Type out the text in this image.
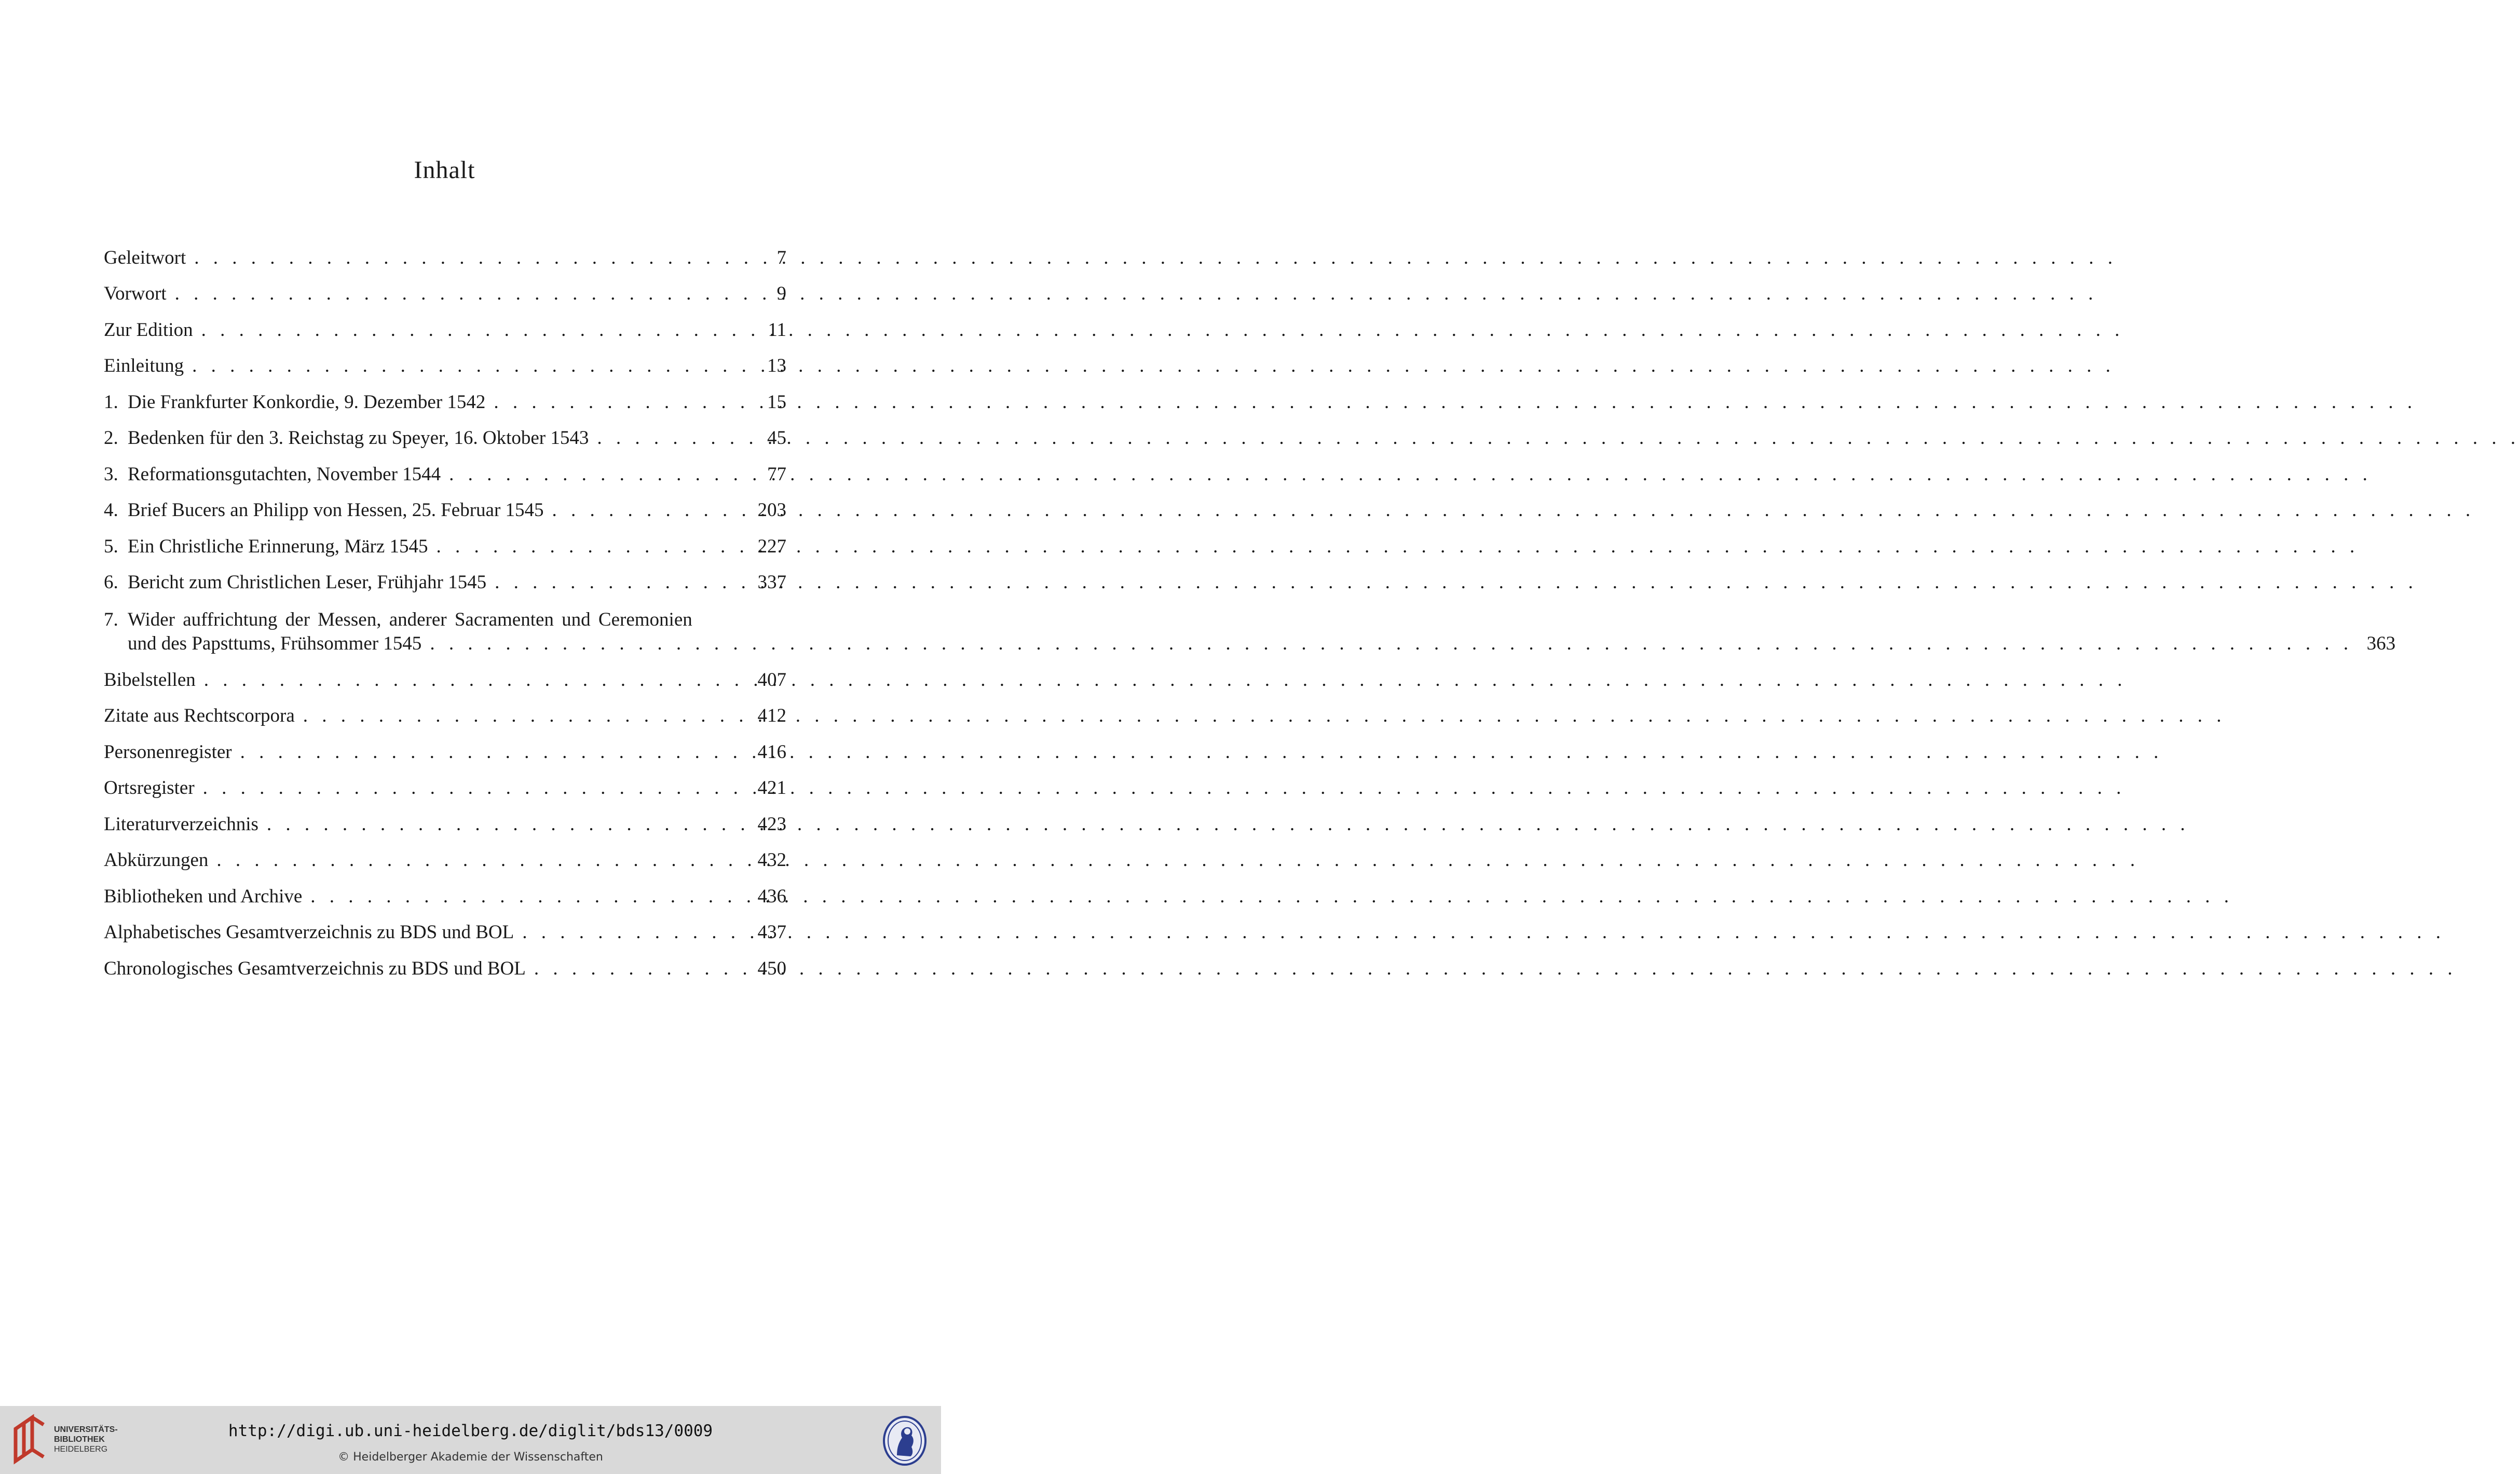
Inhalt
Geleitwort . . .	7
Vorwort . . .	9
Zur Edition . . .	11
Einleitung . . .	13
1. Die Frankfurter Konkordie, 9. Dezember 1542 . . .	15
2. Bedenken für den 3. Reichstag zu Speyer, 16. Oktober 1543 . . .	45
3. Reformationsgutachten, November 1544 . . .	77
4. Brief Bucers an Philipp von Hessen, 25. Februar 1545 . . .	203
5. Ein Christliche Erinnerung, März 1545 . . .	227
6. Bericht zum Christlichen Leser, Frühjahr 1545 . . .	337
7. Wider auffrichtung der Messen, anderer Sacramenten und Ceremonien
und des Papsttums, Frühsommer 1545 . . .	363
Bibelstellen . . .	407
Zitate aus Rechtscorpora . . .	412
Personenregister . . .	416
Ortsregister . . .	421
Literaturverzeichnis . . .	423
Abkürzungen . . .	432
Bibliotheken und Archive . . .	436
Alphabetisches Gesamtverzeichnis zu BDS und BOL . . .	437
Chronologisches Gesamtverzeichnis zu BDS und BOL . . .	450
UNIVERSITÄTS-
BIBLIOTHEK
HEIDELBERG
http://digi.ub.uni-heidelberg.de/diglit/bds13/0009
© Heidelberger Akademie der Wissenschaften
